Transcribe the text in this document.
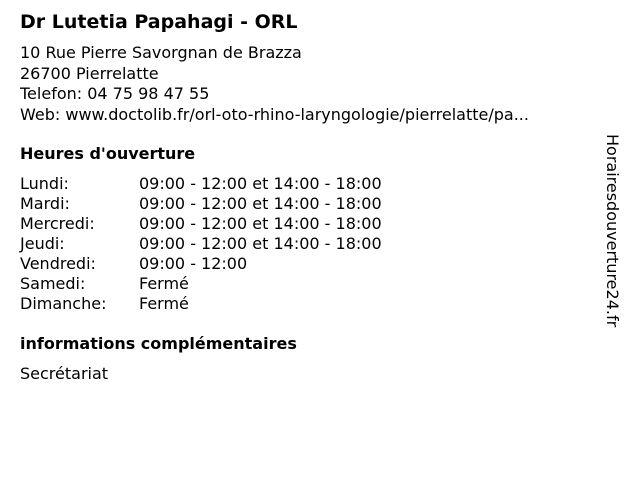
Dr Lutetia Papahagi - ORL
10 Rue Pierre Savorgnan de Brazza
26700 Pierrelatte
Telefon: 04 75 98 47 55
Web: www.doctolib.fr/orl-oto-rhino-laryngologie/pierrelatte/pa...
Heures d'ouverture
Lundi:	09:00 - 12:00 et 14:00 - 18:00
Mardi:	09:00 - 12:00 et 14:00 - 18:00
Mercredi:	09:00 - 12:00 et 14:00 - 18:00
Jeudi:	09:00 - 12:00 et 14:00 - 18:00
Vendredi:	09:00 - 12:00
Samedi:	Fermé
Dimanche:	Fermé
informations complémentaires
Secrétariat
Horairesdouverture24.fr
